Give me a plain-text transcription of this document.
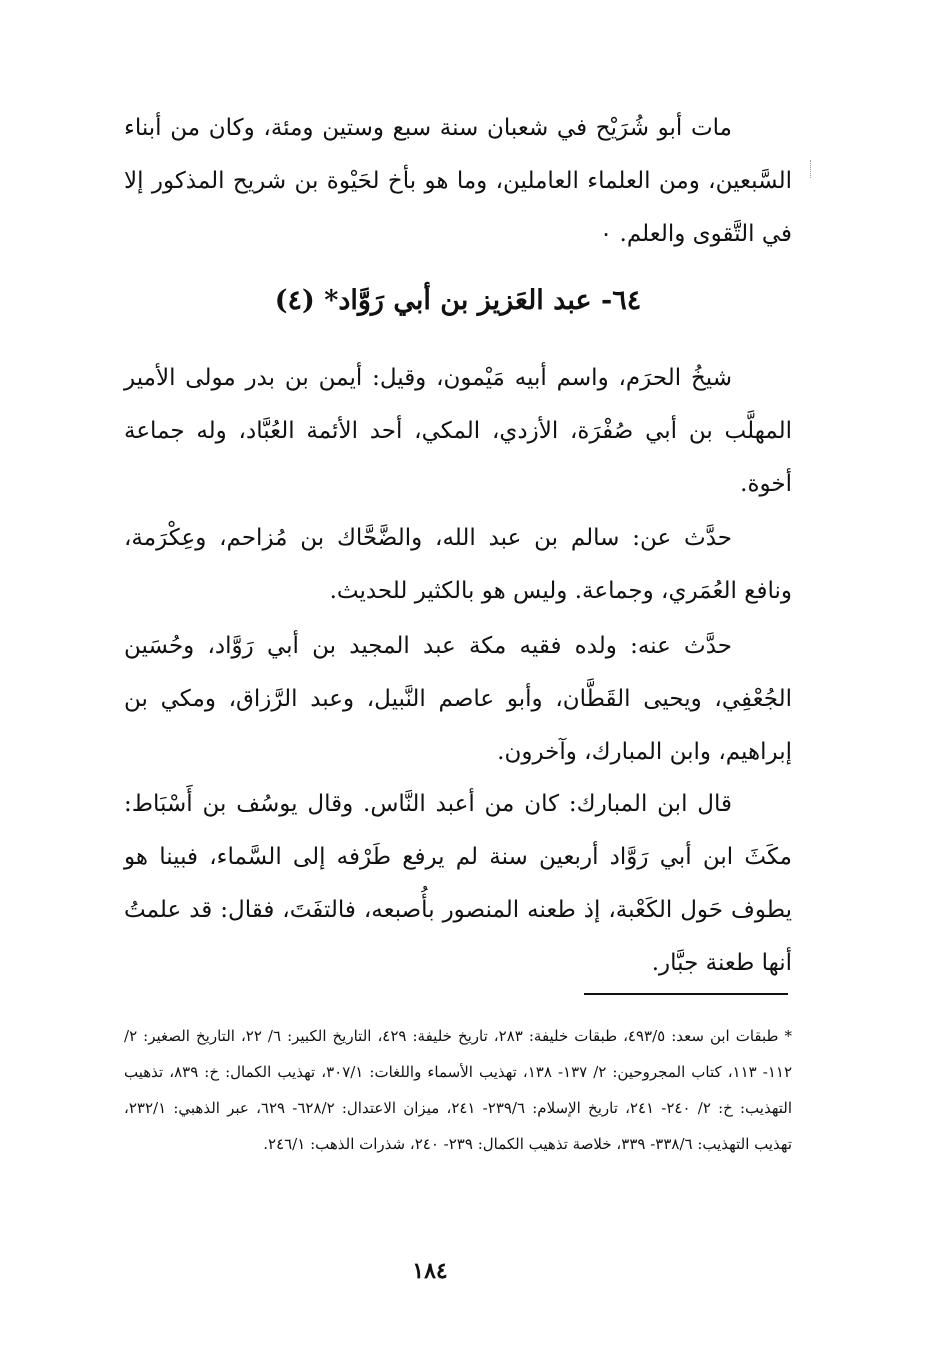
مات أبو شُرَيْح في شعبان سنة سبع وستين ومئة، وكان من أبناء السَّبعين، ومن العلماء العاملين، وما هو بأخ لحَيْوة بن شريح المذكور إلا في التَّقوى والعلم. ٠

٦٤- عبد العَزيز بن أبي رَوَّاد* (٤)

شيخُ الحرَم، واسم أبيه مَيْمون، وقيل: أيمن بن بدر مولى الأمير المهلَّب بن أبي صُفْرَة، الأزدي، المكي، أحد الأئمة العُبَّاد، وله جماعة أخوة.

حدَّث عن: سالم بن عبد الله، والضَّحَّاك بن مُزاحم، وعِكْرَمة، ونافع العُمَري، وجماعة. وليس هو بالكثير للحديث.

حدَّث عنه: ولده فقيه مكة عبد المجيد بن أبي رَوَّاد، وحُسَين الجُعْفِي، ويحيى القَطَّان، وأبو عاصم النَّبيل، وعبد الرَّزاق، ومكي بن إبراهيم، وابن المبارك، وآخرون.

قال ابن المبارك: كان من أعبد النَّاس. وقال يوسُف بن أَسْبَاط: مكَثَ ابن أبي رَوَّاد أربعين سنة لم يرفع طَرْفه إلى السَّماء، فبينا هو يطوف حَول الكَعْبة، إذ طعنه المنصور بأُصبعه، فالتفَتَ، فقال: قد علمتُ أنها طعنة جبَّار.

* طبقات ابن سعد: ٤٩٣/٥، طبقات خليفة: ٢٨٣، تاريخ خليفة: ٤٢٩، التاريخ الكبير: ٦/ ٢٢، التاريخ الصغير: ٢/ ١١٢- ١١٣، كتاب المجروحين: ٢/ ١٣٧- ١٣٨، تهذيب الأسماء واللغات: ٣٠٧/١، تهذيب الكمال: خ: ٨٣٩، تذهيب التهذيب: خ: ٢/ ٢٤٠- ٢٤١، تاريخ الإسلام: ٢٣٩/٦- ٢٤١، ميزان الاعتدال: ٦٢٨/٢- ٦٢٩، عبر الذهبي: ٢٣٢/١، تهذيب التهذيب: ٣٣٨/٦- ٣٣٩، خلاصة تذهيب الكمال: ٢٣٩- ٢٤٠، شذرات الذهب: ٢٤٦/١.

١٨٤
